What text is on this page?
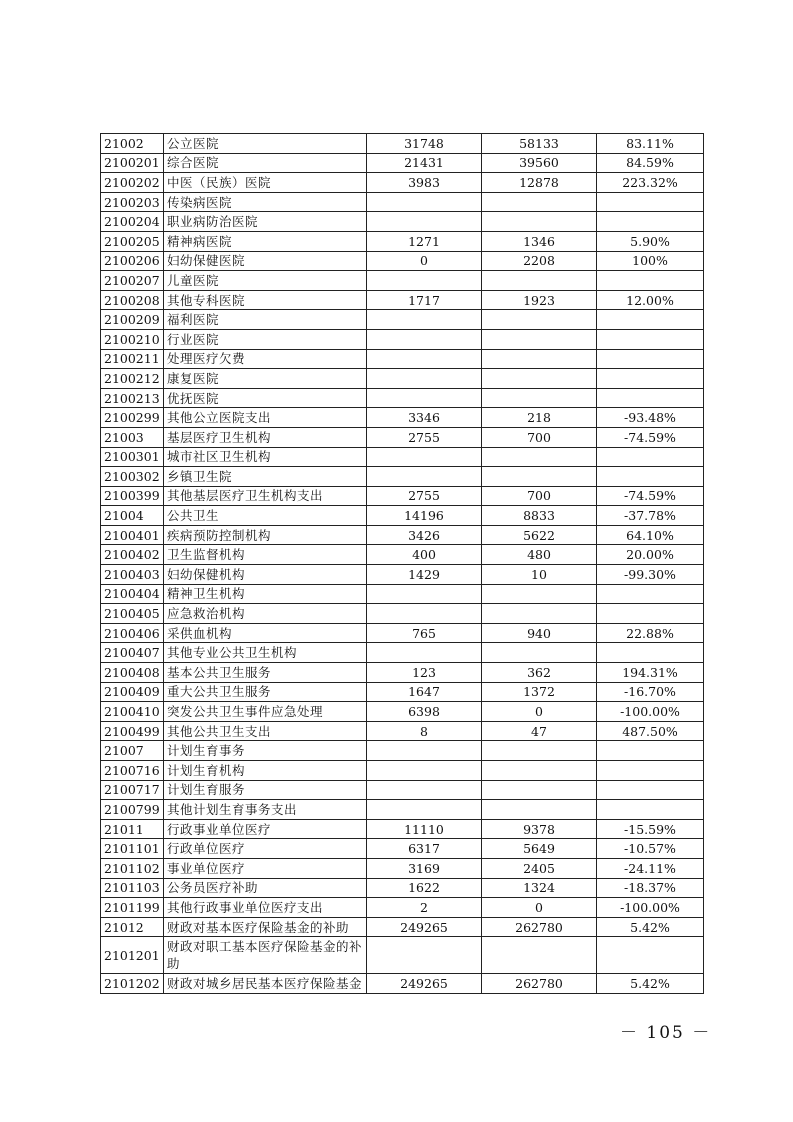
21002	公立医院	31748	58133	83.11%
2100201	综合医院	21431	39560	84.59%
2100202	中医（民族）医院	3983	12878	223.32%
2100203	传染病医院			
2100204	职业病防治医院			
2100205	精神病医院	1271	1346	5.90%
2100206	妇幼保健医院	0	2208	100%
2100207	儿童医院			
2100208	其他专科医院	1717	1923	12.00%
2100209	福利医院			
2100210	行业医院			
2100211	处理医疗欠费			
2100212	康复医院			
2100213	优抚医院			
2100299	其他公立医院支出	3346	218	-93.48%
21003	基层医疗卫生机构	2755	700	-74.59%
2100301	城市社区卫生机构			
2100302	乡镇卫生院			
2100399	其他基层医疗卫生机构支出	2755	700	-74.59%
21004	公共卫生	14196	8833	-37.78%
2100401	疾病预防控制机构	3426	5622	64.10%
2100402	卫生监督机构	400	480	20.00%
2100403	妇幼保健机构	1429	10	-99.30%
2100404	精神卫生机构			
2100405	应急救治机构			
2100406	采供血机构	765	940	22.88%
2100407	其他专业公共卫生机构			
2100408	基本公共卫生服务	123	362	194.31%
2100409	重大公共卫生服务	1647	1372	-16.70%
2100410	突发公共卫生事件应急处理	6398	0	-100.00%
2100499	其他公共卫生支出	8	47	487.50%
21007	计划生育事务			
2100716	计划生育机构			
2100717	计划生育服务			
2100799	其他计划生育事务支出			
21011	行政事业单位医疗	11110	9378	-15.59%
2101101	行政单位医疗	6317	5649	-10.57%
2101102	事业单位医疗	3169	2405	-24.11%
2101103	公务员医疗补助	1622	1324	-18.37%
2101199	其他行政事业单位医疗支出	2	0	-100.00%
21012	财政对基本医疗保险基金的补助	249265	262780	5.42%
2101201	财政对职工基本医疗保险基金的补助			
2101202	财政对城乡居民基本医疗保险基金	249265	262780	5.42%
－ 105 －
